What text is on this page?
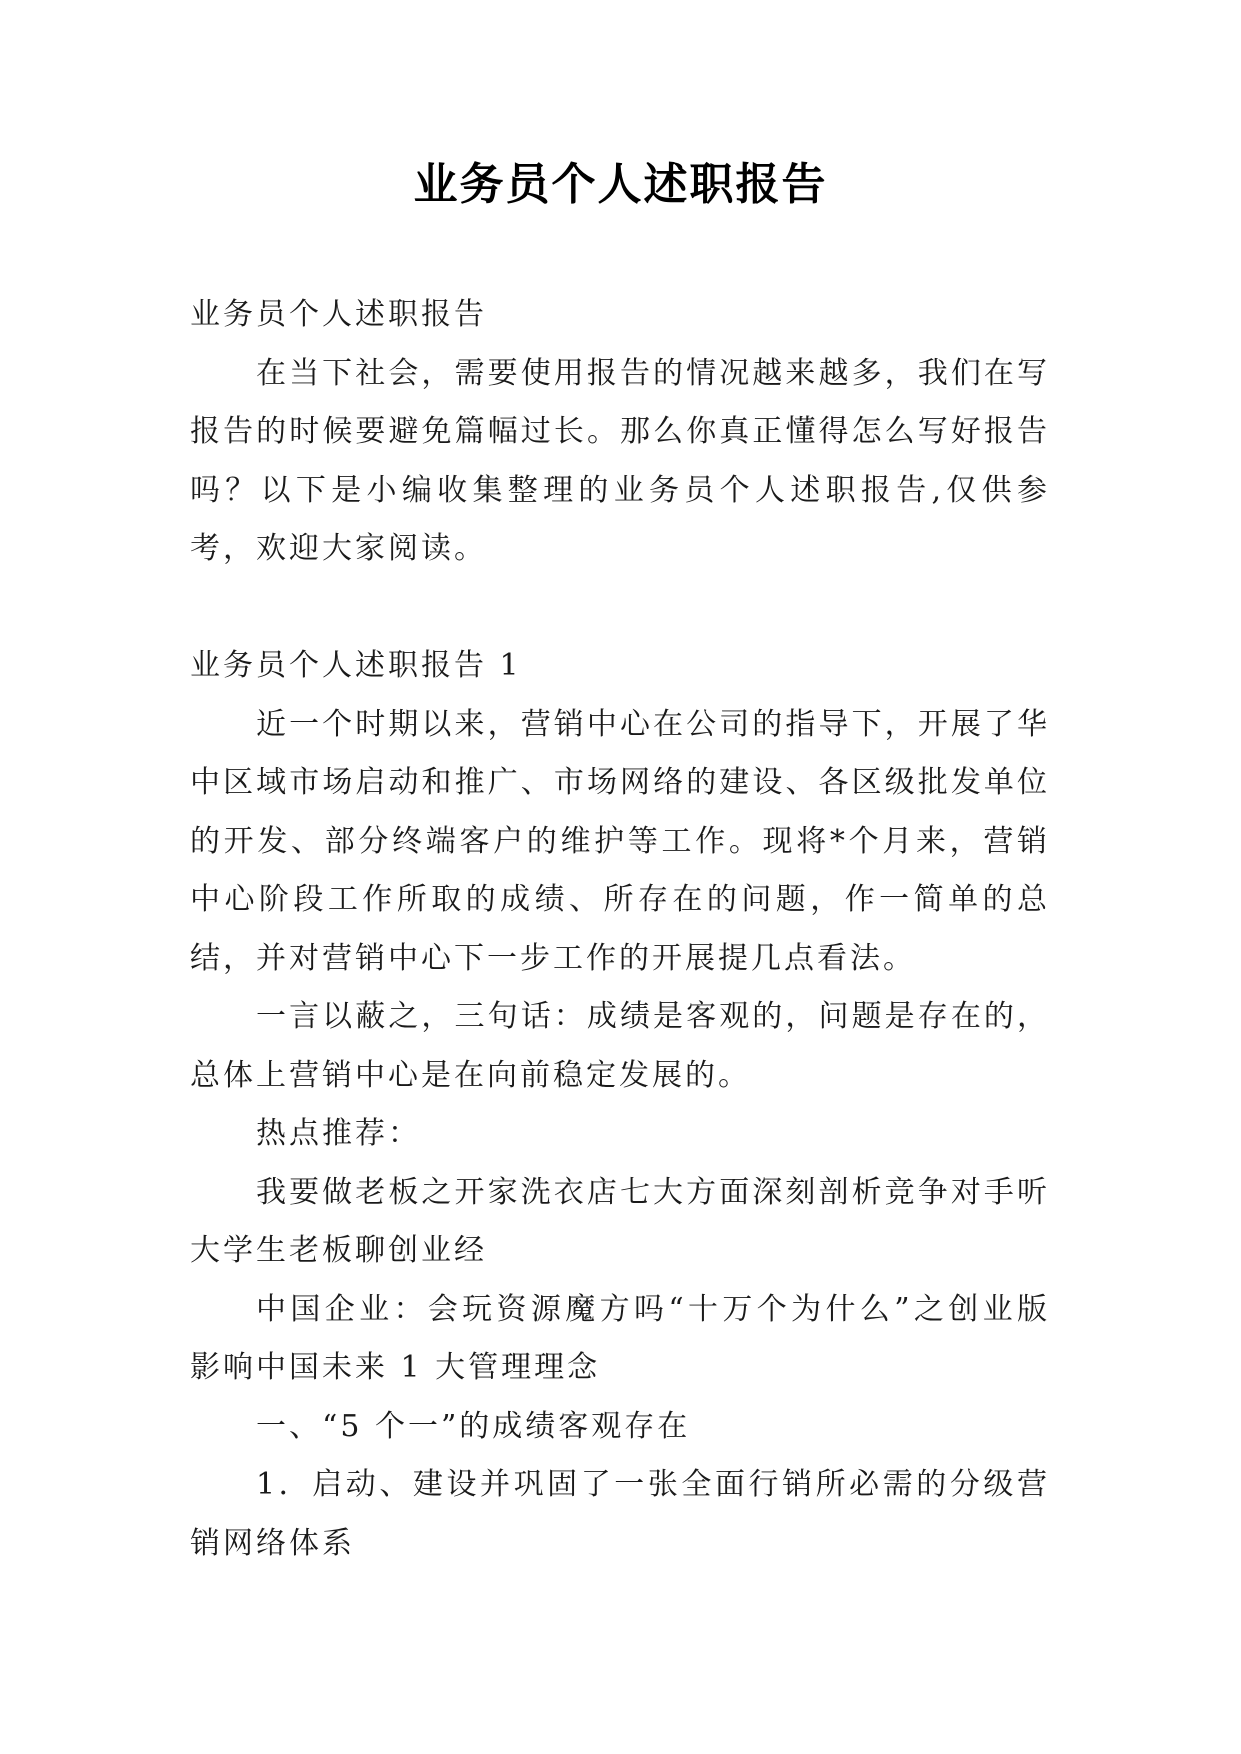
业务员个人述职报告

业务员个人述职报告

在当下社会，需要使用报告的情况越来越多，我们在写报告的时候要避免篇幅过长。那么你真正懂得怎么写好报告吗？以下是小编收集整理的业务员个人述职报告,仅供参考，欢迎大家阅读。

业务员个人述职报告 1

近一个时期以来，营销中心在公司的指导下，开展了华中区域市场启动和推广、市场网络的建设、各区级批发单位的开发、部分终端客户的维护等工作。现将*个月来，营销中心阶段工作所取的成绩、所存在的问题，作一简单的总结，并对营销中心下一步工作的开展提几点看法。

一言以蔽之，三句话：成绩是客观的，问题是存在的，总体上营销中心是在向前稳定发展的。

热点推荐：

我要做老板之开家洗衣店七大方面深刻剖析竞争对手听大学生老板聊创业经

中国企业：会玩资源魔方吗“十万个为什么”之创业版影响中国未来 1 大管理理念

一、“5 个一”的成绩客观存在

1．启动、建设并巩固了一张全面行销所必需的分级营销网络体系
